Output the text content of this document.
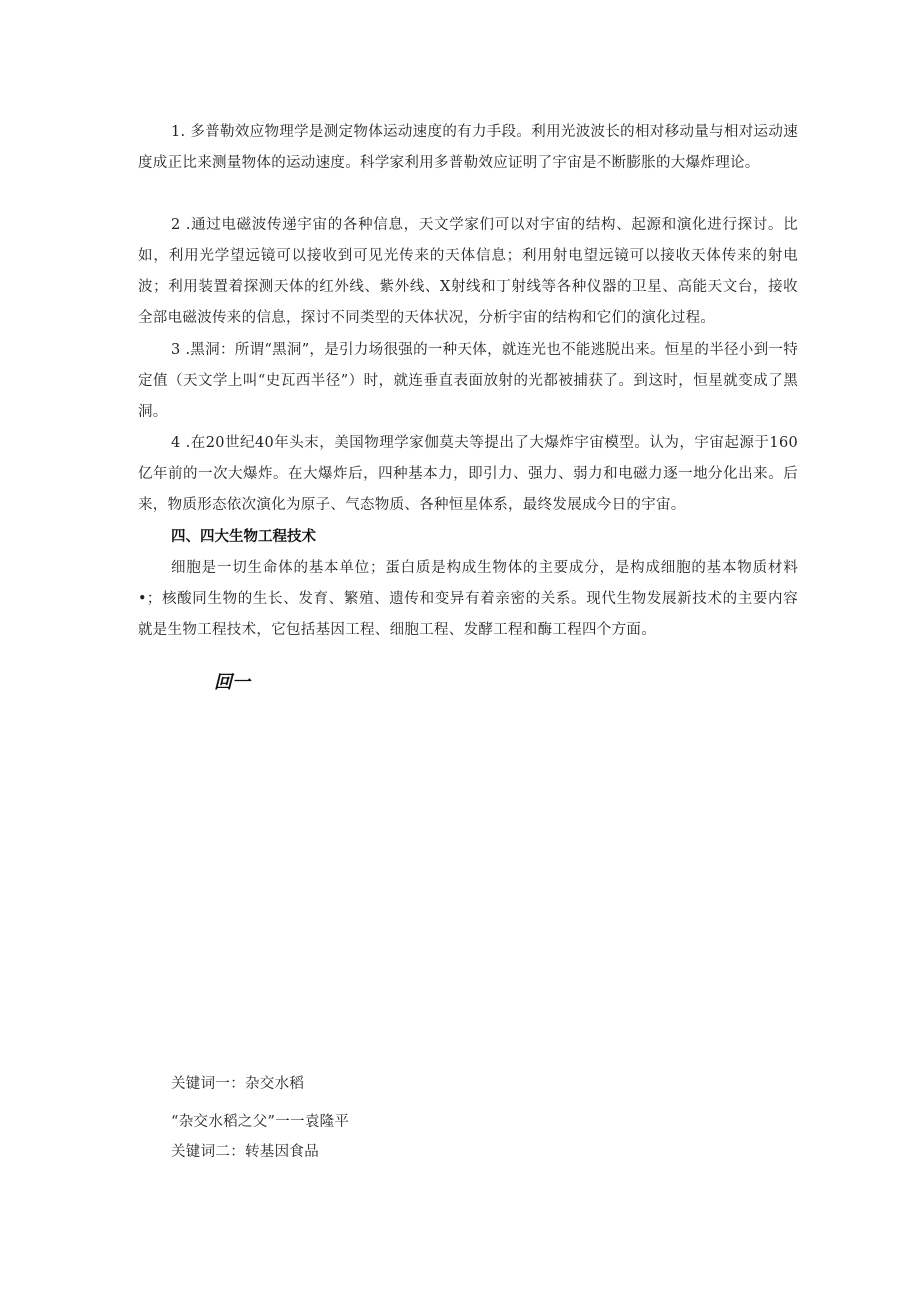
1. 多普勒效应物理学是测定物体运动速度的有力手段。利用光波波长的相对移动量与相对运动速度成正比来测量物体的运动速度。科学家利用多普勒效应证明了宇宙是不断膨胀的大爆炸理论。

2 .通过电磁波传递宇宙的各种信息，天文学家们可以对宇宙的结构、起源和演化进行探讨。比如，利用光学望远镜可以接收到可见光传来的天体信息；利用射电望远镜可以接收天体传来的射电波；利用装置着探测天体的红外线、紫外线、X射线和丁射线等各种仪器的卫星、高能天文台，接收全部电磁波传来的信息，探讨不同类型的天体状况，分析宇宙的结构和它们的演化过程。

3 .黑洞：所谓“黑洞”，是引力场很强的一种天体，就连光也不能逃脱出来。恒星的半径小到一特定值（天文学上叫“史瓦西半径”）时，就连垂直表面放射的光都被捕获了。到这时，恒星就变成了黑洞。

4 .在20世纪40年头末，美国物理学家伽莫夫等提出了大爆炸宇宙模型。认为，宇宙起源于160亿年前的一次大爆炸。在大爆炸后，四种基本力，即引力、强力、弱力和电磁力逐一地分化出来。后来，物质形态依次演化为原子、气态物质、各种恒星体系，最终发展成今日的宇宙。

四、四大生物工程技术

细胞是一切生命体的基本单位；蛋白质是构成生物体的主要成分，是构成细胞的基本物质材料•；核酸同生物的生长、发育、繁殖、遗传和变异有着亲密的关系。现代生物发展新技术的主要内容就是生物工程技术，它包括基因工程、细胞工程、发酵工程和酶工程四个方面。

回一

关键词一：杂交水稻

“杂交水稻之父”一一袁隆平

关键词二：转基因食品
